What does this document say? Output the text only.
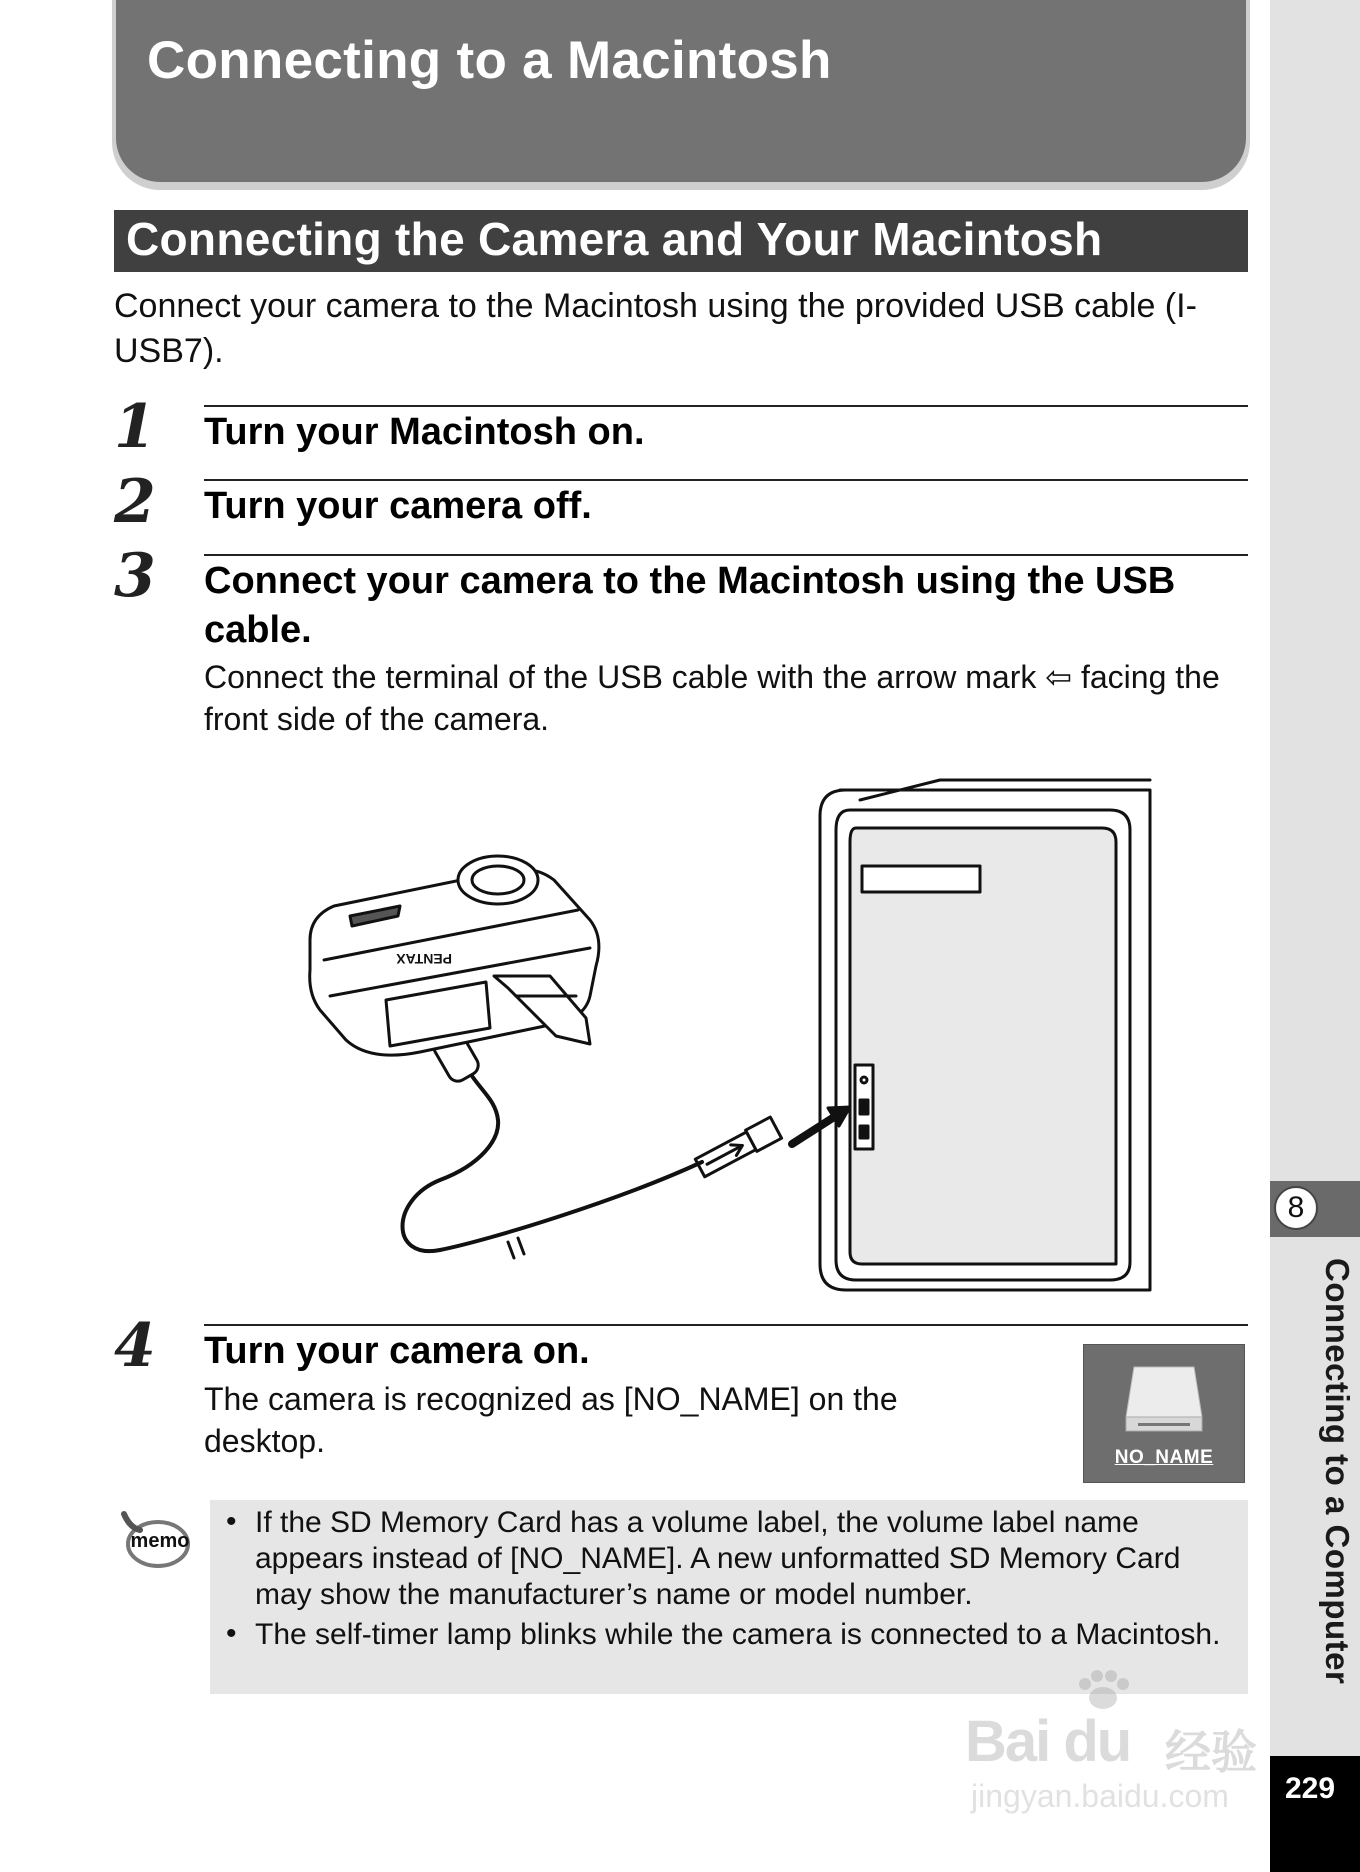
8
Connecting to a Computer
229
Connecting to a Macintosh
Connecting the Camera and Your Macintosh
Connect your camera to the Macintosh using the provided USB cable (I-USB7).
1 Turn your Macintosh on.
2 Turn your camera off.
3 Connect your camera to the Macintosh using the USB cable.
Connect the terminal of the USB cable with the arrow mark ⇦ facing the front side of the camera.
PENTAX
4 Turn your camera on.
The camera is recognized as [NO_NAME] on the desktop.	NO_NAME
memo
• If the SD Memory Card has a volume label, the volume label name appears instead of [NO_NAME]. A new unformatted SD Memory Card may show the manufacturer’s name or model number.
• The self-timer lamp blinks while the camera is connected to a Macintosh.
Bai du 经验
jingyan.baidu.com
